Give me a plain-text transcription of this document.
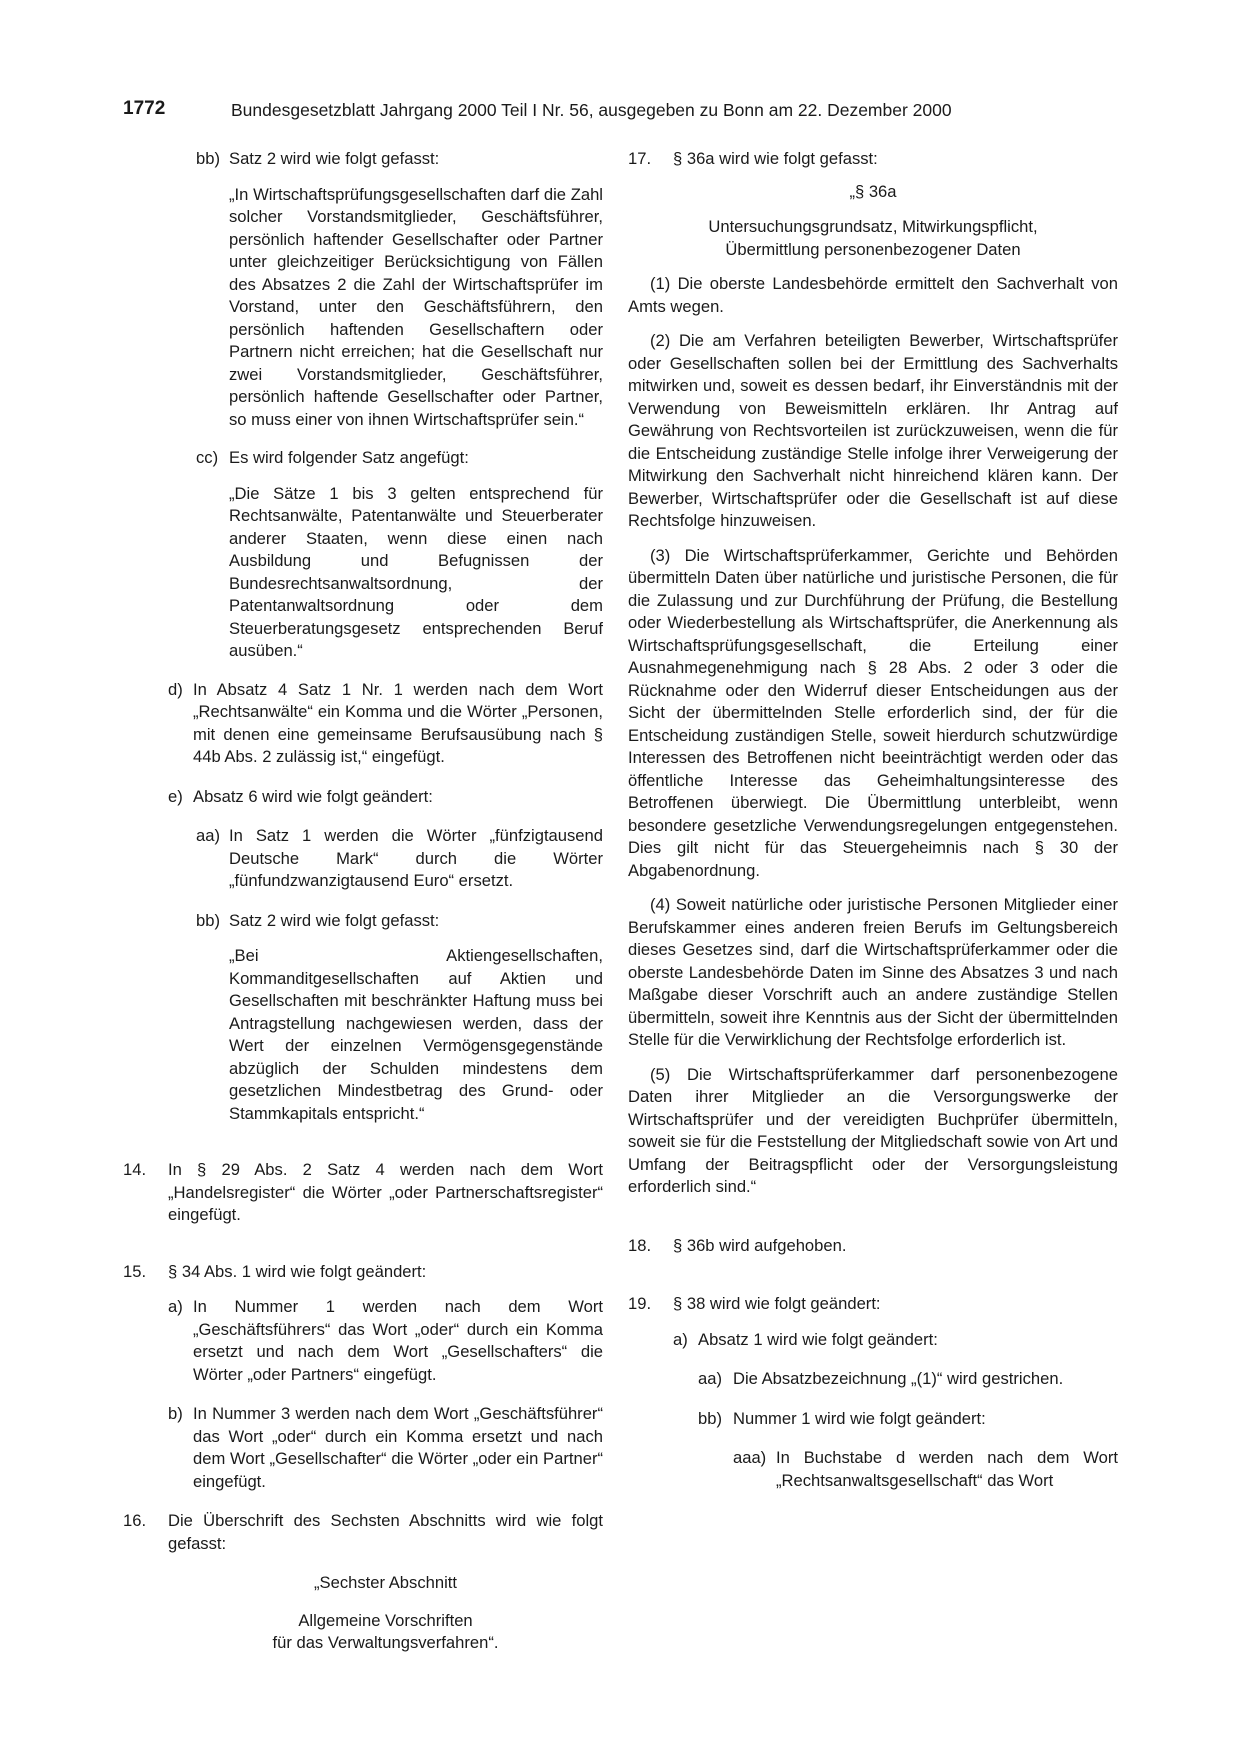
1772	Bundesgesetzblatt Jahrgang 2000 Teil I Nr. 56, ausgegeben zu Bonn am 22. Dezember 2000
bb) Satz 2 wird wie folgt gefasst:
„In Wirtschaftsprüfungsgesellschaften darf die Zahl solcher Vorstandsmitglieder, Geschäftsführer, persönlich haftender Gesellschafter oder Partner unter gleichzeitiger Berücksichtigung von Fällen des Absatzes 2 die Zahl der Wirtschaftsprüfer im Vorstand, unter den Geschäftsführern, den persönlich haftenden Gesellschaftern oder Partnern nicht erreichen; hat die Gesellschaft nur zwei Vorstandsmitglieder, Geschäftsführer, persönlich haftende Gesellschafter oder Partner, so muss einer von ihnen Wirtschaftsprüfer sein.“
cc) Es wird folgender Satz angefügt:
„Die Sätze 1 bis 3 gelten entsprechend für Rechtsanwälte, Patentanwälte und Steuerberater anderer Staaten, wenn diese einen nach Ausbildung und Befugnissen der Bundesrechtsanwaltsordnung, der Patentanwaltsordnung oder dem Steuerberatungsgesetz entsprechenden Beruf ausüben.“
d) In Absatz 4 Satz 1 Nr. 1 werden nach dem Wort „Rechtsanwälte“ ein Komma und die Wörter „Personen, mit denen eine gemeinsame Berufsausübung nach § 44b Abs. 2 zulässig ist,“ eingefügt.
e) Absatz 6 wird wie folgt geändert:
aa) In Satz 1 werden die Wörter „fünfzigtausend Deutsche Mark“ durch die Wörter „fünfundzwanzigtausend Euro“ ersetzt.
bb) Satz 2 wird wie folgt gefasst:
„Bei Aktiengesellschaften, Kommanditgesellschaften auf Aktien und Gesellschaften mit beschränkter Haftung muss bei Antragstellung nachgewiesen werden, dass der Wert der einzelnen Vermögensgegenstände abzüglich der Schulden mindestens dem gesetzlichen Mindestbetrag des Grund- oder Stammkapitals entspricht.“
14. In § 29 Abs. 2 Satz 4 werden nach dem Wort „Handelsregister“ die Wörter „oder Partnerschaftsregister“ eingefügt.
15. § 34 Abs. 1 wird wie folgt geändert:
a) In Nummer 1 werden nach dem Wort „Geschäftsführers“ das Wort „oder“ durch ein Komma ersetzt und nach dem Wort „Gesellschafters“ die Wörter „oder Partners“ eingefügt.
b) In Nummer 3 werden nach dem Wort „Geschäftsführer“ das Wort „oder“ durch ein Komma ersetzt und nach dem Wort „Gesellschafter“ die Wörter „oder ein Partner“ eingefügt.
16. Die Überschrift des Sechsten Abschnitts wird wie folgt gefasst:
„Sechster Abschnitt
Allgemeine Vorschriften
für das Verwaltungsverfahren“.
17. § 36a wird wie folgt gefasst:
„§ 36a
Untersuchungsgrundsatz, Mitwirkungspflicht,
Übermittlung personenbezogener Daten
(1) Die oberste Landesbehörde ermittelt den Sachverhalt von Amts wegen.
(2) Die am Verfahren beteiligten Bewerber, Wirtschaftsprüfer oder Gesellschaften sollen bei der Ermittlung des Sachverhalts mitwirken und, soweit es dessen bedarf, ihr Einverständnis mit der Verwendung von Beweismitteln erklären. Ihr Antrag auf Gewährung von Rechtsvorteilen ist zurückzuweisen, wenn die für die Entscheidung zuständige Stelle infolge ihrer Verweigerung der Mitwirkung den Sachverhalt nicht hinreichend klären kann. Der Bewerber, Wirtschaftsprüfer oder die Gesellschaft ist auf diese Rechtsfolge hinzuweisen.
(3) Die Wirtschaftsprüferkammer, Gerichte und Behörden übermitteln Daten über natürliche und juristische Personen, die für die Zulassung und zur Durchführung der Prüfung, die Bestellung oder Wiederbestellung als Wirtschaftsprüfer, die Anerkennung als Wirtschaftsprüfungsgesellschaft, die Erteilung einer Ausnahmegenehmigung nach § 28 Abs. 2 oder 3 oder die Rücknahme oder den Widerruf dieser Entscheidungen aus der Sicht der übermittelnden Stelle erforderlich sind, der für die Entscheidung zuständigen Stelle, soweit hierdurch schutzwürdige Interessen des Betroffenen nicht beeinträchtigt werden oder das öffentliche Interesse das Geheimhaltungsinteresse des Betroffenen überwiegt. Die Übermittlung unterbleibt, wenn besondere gesetzliche Verwendungsregelungen entgegenstehen. Dies gilt nicht für das Steuergeheimnis nach § 30 der Abgabenordnung.
(4) Soweit natürliche oder juristische Personen Mitglieder einer Berufskammer eines anderen freien Berufs im Geltungsbereich dieses Gesetzes sind, darf die Wirtschaftsprüferkammer oder die oberste Landesbehörde Daten im Sinne des Absatzes 3 und nach Maßgabe dieser Vorschrift auch an andere zuständige Stellen übermitteln, soweit ihre Kenntnis aus der Sicht der übermittelnden Stelle für die Verwirklichung der Rechtsfolge erforderlich ist.
(5) Die Wirtschaftsprüferkammer darf personenbezogene Daten ihrer Mitglieder an die Versorgungswerke der Wirtschaftsprüfer und der vereidigten Buchprüfer übermitteln, soweit sie für die Feststellung der Mitgliedschaft sowie von Art und Umfang der Beitragspflicht oder der Versorgungsleistung erforderlich sind.“
18. § 36b wird aufgehoben.
19. § 38 wird wie folgt geändert:
a) Absatz 1 wird wie folgt geändert:
aa) Die Absatzbezeichnung „(1)“ wird gestrichen.
bb) Nummer 1 wird wie folgt geändert:
aaa) In Buchstabe d werden nach dem Wort „Rechtsanwaltsgesellschaft“ das Wort
